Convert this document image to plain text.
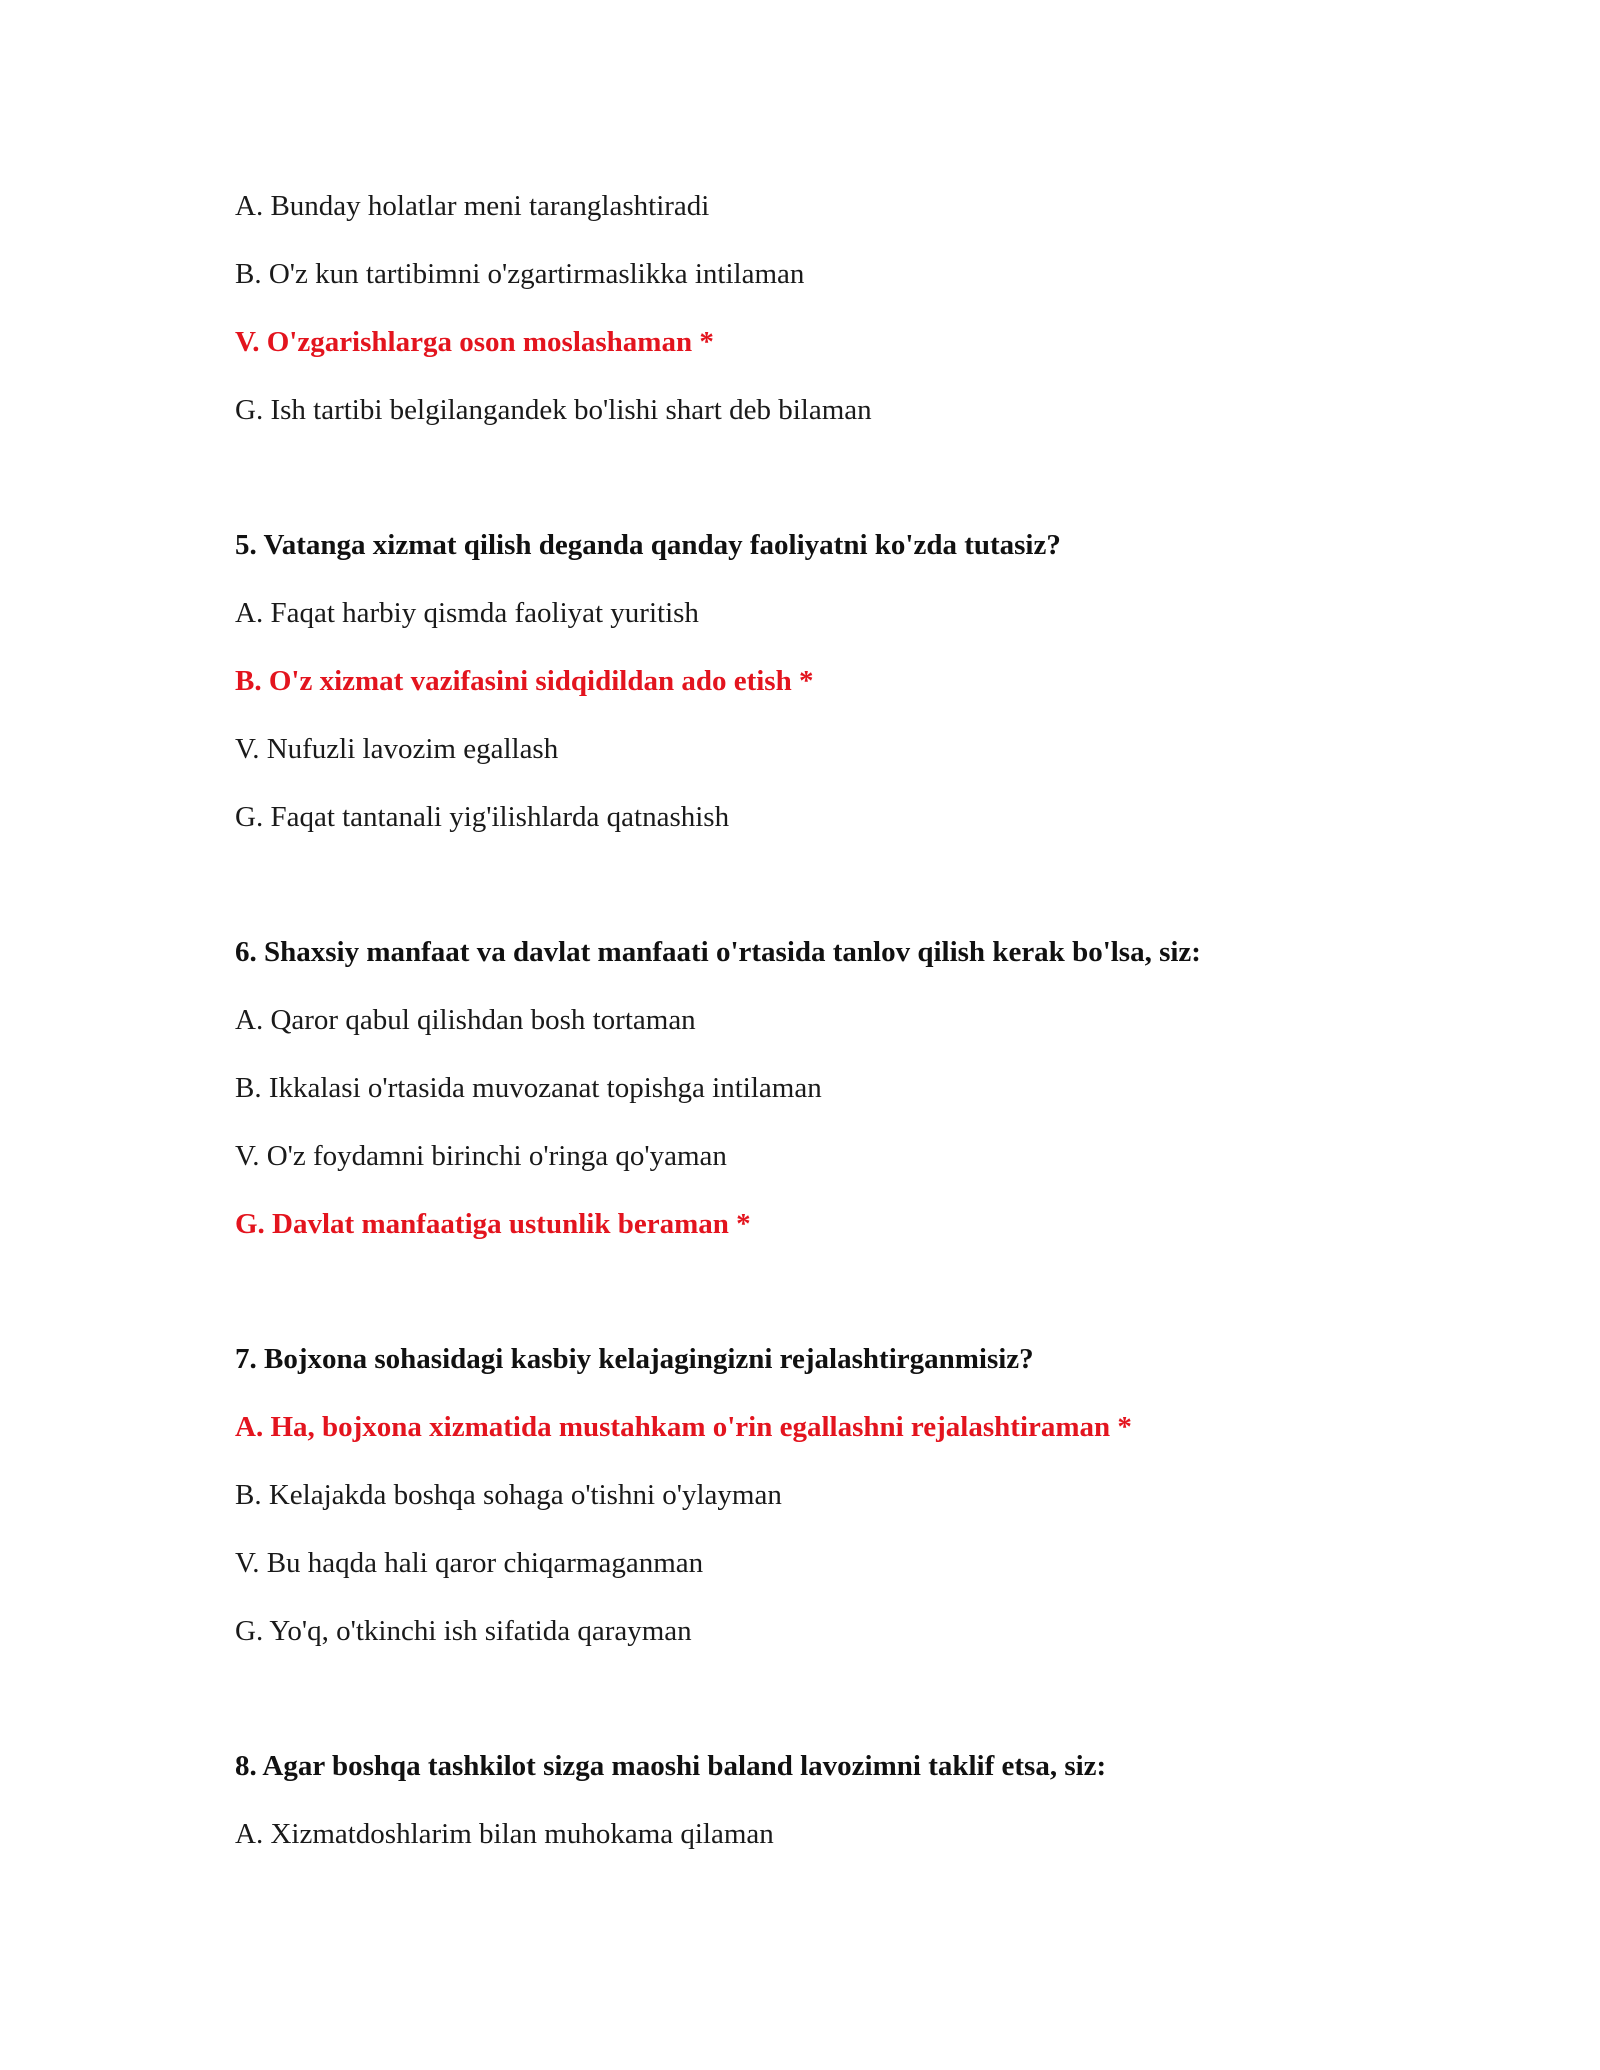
A. Bunday holatlar meni taranglashtiradi
B. O'z kun tartibimni o'zgartirmaslikka intilaman
V. O'zgarishlarga oson moslashaman *
G. Ish tartibi belgilangandek bo'lishi shart deb bilaman
5. Vatanga xizmat qilish deganda qanday faoliyatni ko'zda tutasiz?
A. Faqat harbiy qismda faoliyat yuritish
B. O'z xizmat vazifasini sidqidildan ado etish *
V. Nufuzli lavozim egallash
G. Faqat tantanali yig'ilishlarda qatnashish
6. Shaxsiy manfaat va davlat manfaati o'rtasida tanlov qilish kerak bo'lsa, siz:
A. Qaror qabul qilishdan bosh tortaman
B. Ikkalasi o'rtasida muvozanat topishga intilaman
V. O'z foydamni birinchi o'ringa qo'yaman
G. Davlat manfaatiga ustunlik beraman *
7. Bojxona sohasidagi kasbiy kelajagingizni rejalashtirganmisiz?
A. Ha, bojxona xizmatida mustahkam o'rin egallashni rejalashtiraman *
B. Kelajakda boshqa sohaga o'tishni o'ylayman
V. Bu haqda hali qaror chiqarmaganman
G. Yo'q, o'tkinchi ish sifatida qarayman
8. Agar boshqa tashkilot sizga maoshi baland lavozimni taklif etsa, siz:
A. Xizmatdoshlarim bilan muhokama qilaman
